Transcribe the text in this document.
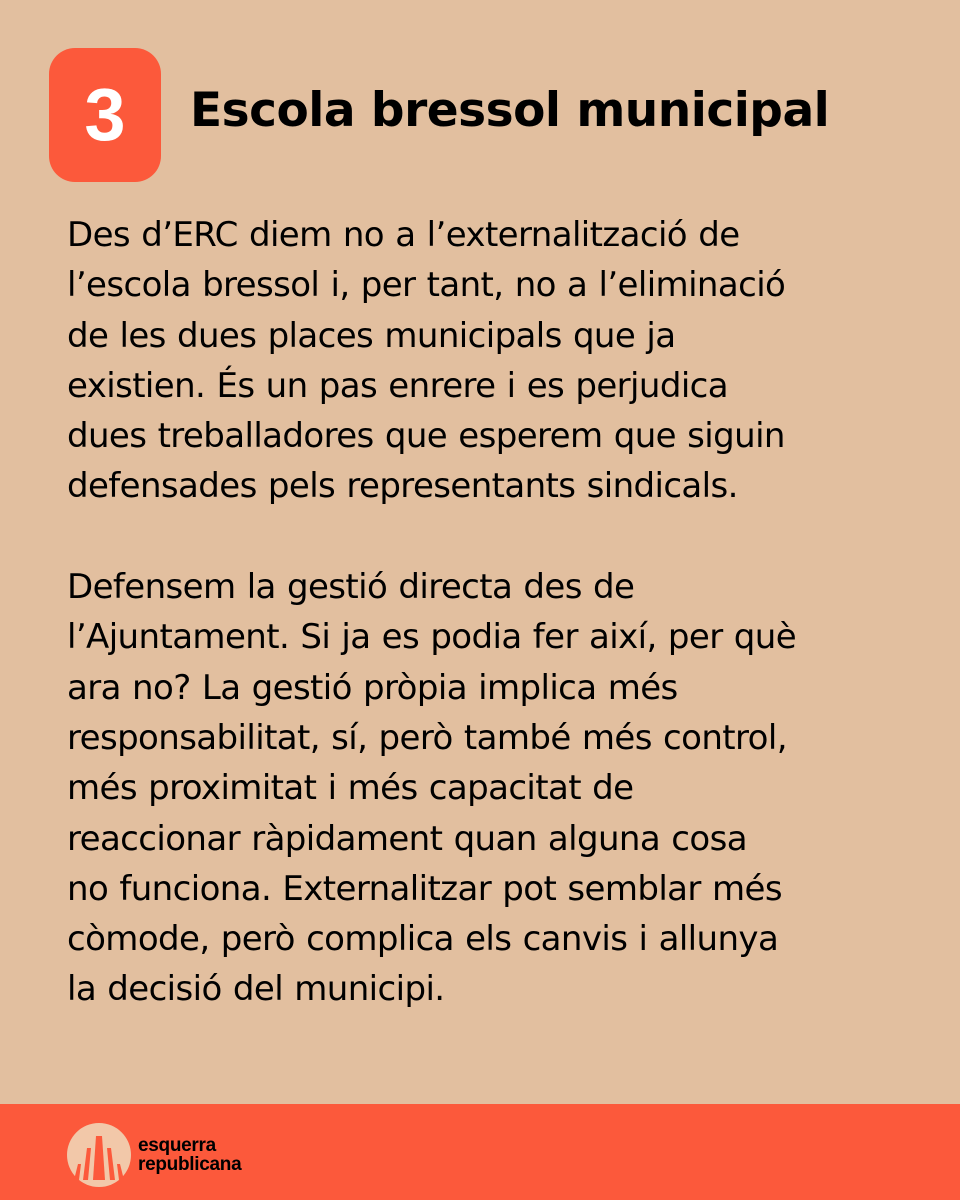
3 Escola bressol municipal

Des d’ERC diem no a l’externalització de
l’escola bressol i, per tant, no a l’eliminació
de les dues places municipals que ja
existien. És un pas enrere i es perjudica
dues treballadores que esperem que siguin
defensades pels representants sindicals.

Defensem la gestió directa des de
l’Ajuntament. Si ja es podia fer així, per què
ara no? La gestió pròpia implica més
responsabilitat, sí, però també més control,
més proximitat i més capacitat de
reaccionar ràpidament quan alguna cosa
no funciona. Externalitzar pot semblar més
còmode, però complica els canvis i allunya
la decisió del municipi.

esquerra
republicana
